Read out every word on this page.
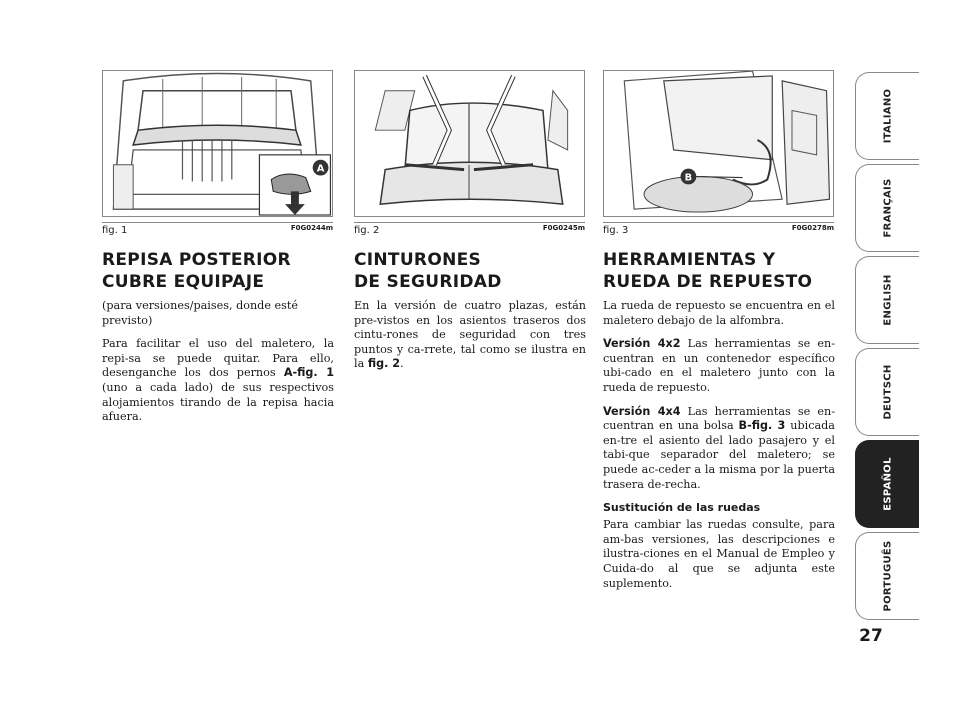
A
fig. 1	F0G0244m fig. 2	F0G0245m
B
fig. 3	F0G0278m
REPISA POSTERIOR CUBRE EQUIPAJE

(para versiones/paises, donde esté previsto)

Para facilitar el uso del maletero, la repi-sa se puede quitar. Para ello, desenganche los dos pernos A-fig. 1 (uno a cada lado) de sus respectivos alojamientos tirando de la repisa hacia afuera.

CINTURONES
DE SEGURIDAD

En la versión de cuatro plazas, están pre-vistos en los asientos traseros dos cintu-rones de seguridad con tres puntos y ca-rrete, tal como se ilustra en la fig. 2.

HERRAMIENTAS Y
RUEDA DE REPUESTO

La rueda de repuesto se encuentra en el maletero debajo de la alfombra.

Versión 4x2 Las herramientas se en-cuentran en un contenedor específico ubi-cado en el maletero junto con la rueda de repuesto.

Versión 4x4 Las herramientas se en-cuentran en una bolsa B-fig. 3 ubicada en-tre el asiento del lado pasajero y el tabi-que separador del maletero; se puede ac-ceder a la misma por la puerta trasera de-recha.

Sustitución de las ruedas

Para cambiar las ruedas consulte, para am-bas versiones, las descripciones e ilustra-ciones en el Manual de Empleo y Cuida-do al que se adjunta este suplemento.

ITALIANO
FRANÇAIS
ENGLISH
DEUTSCH
ESPAÑOL
PORTUGUÊS
27
